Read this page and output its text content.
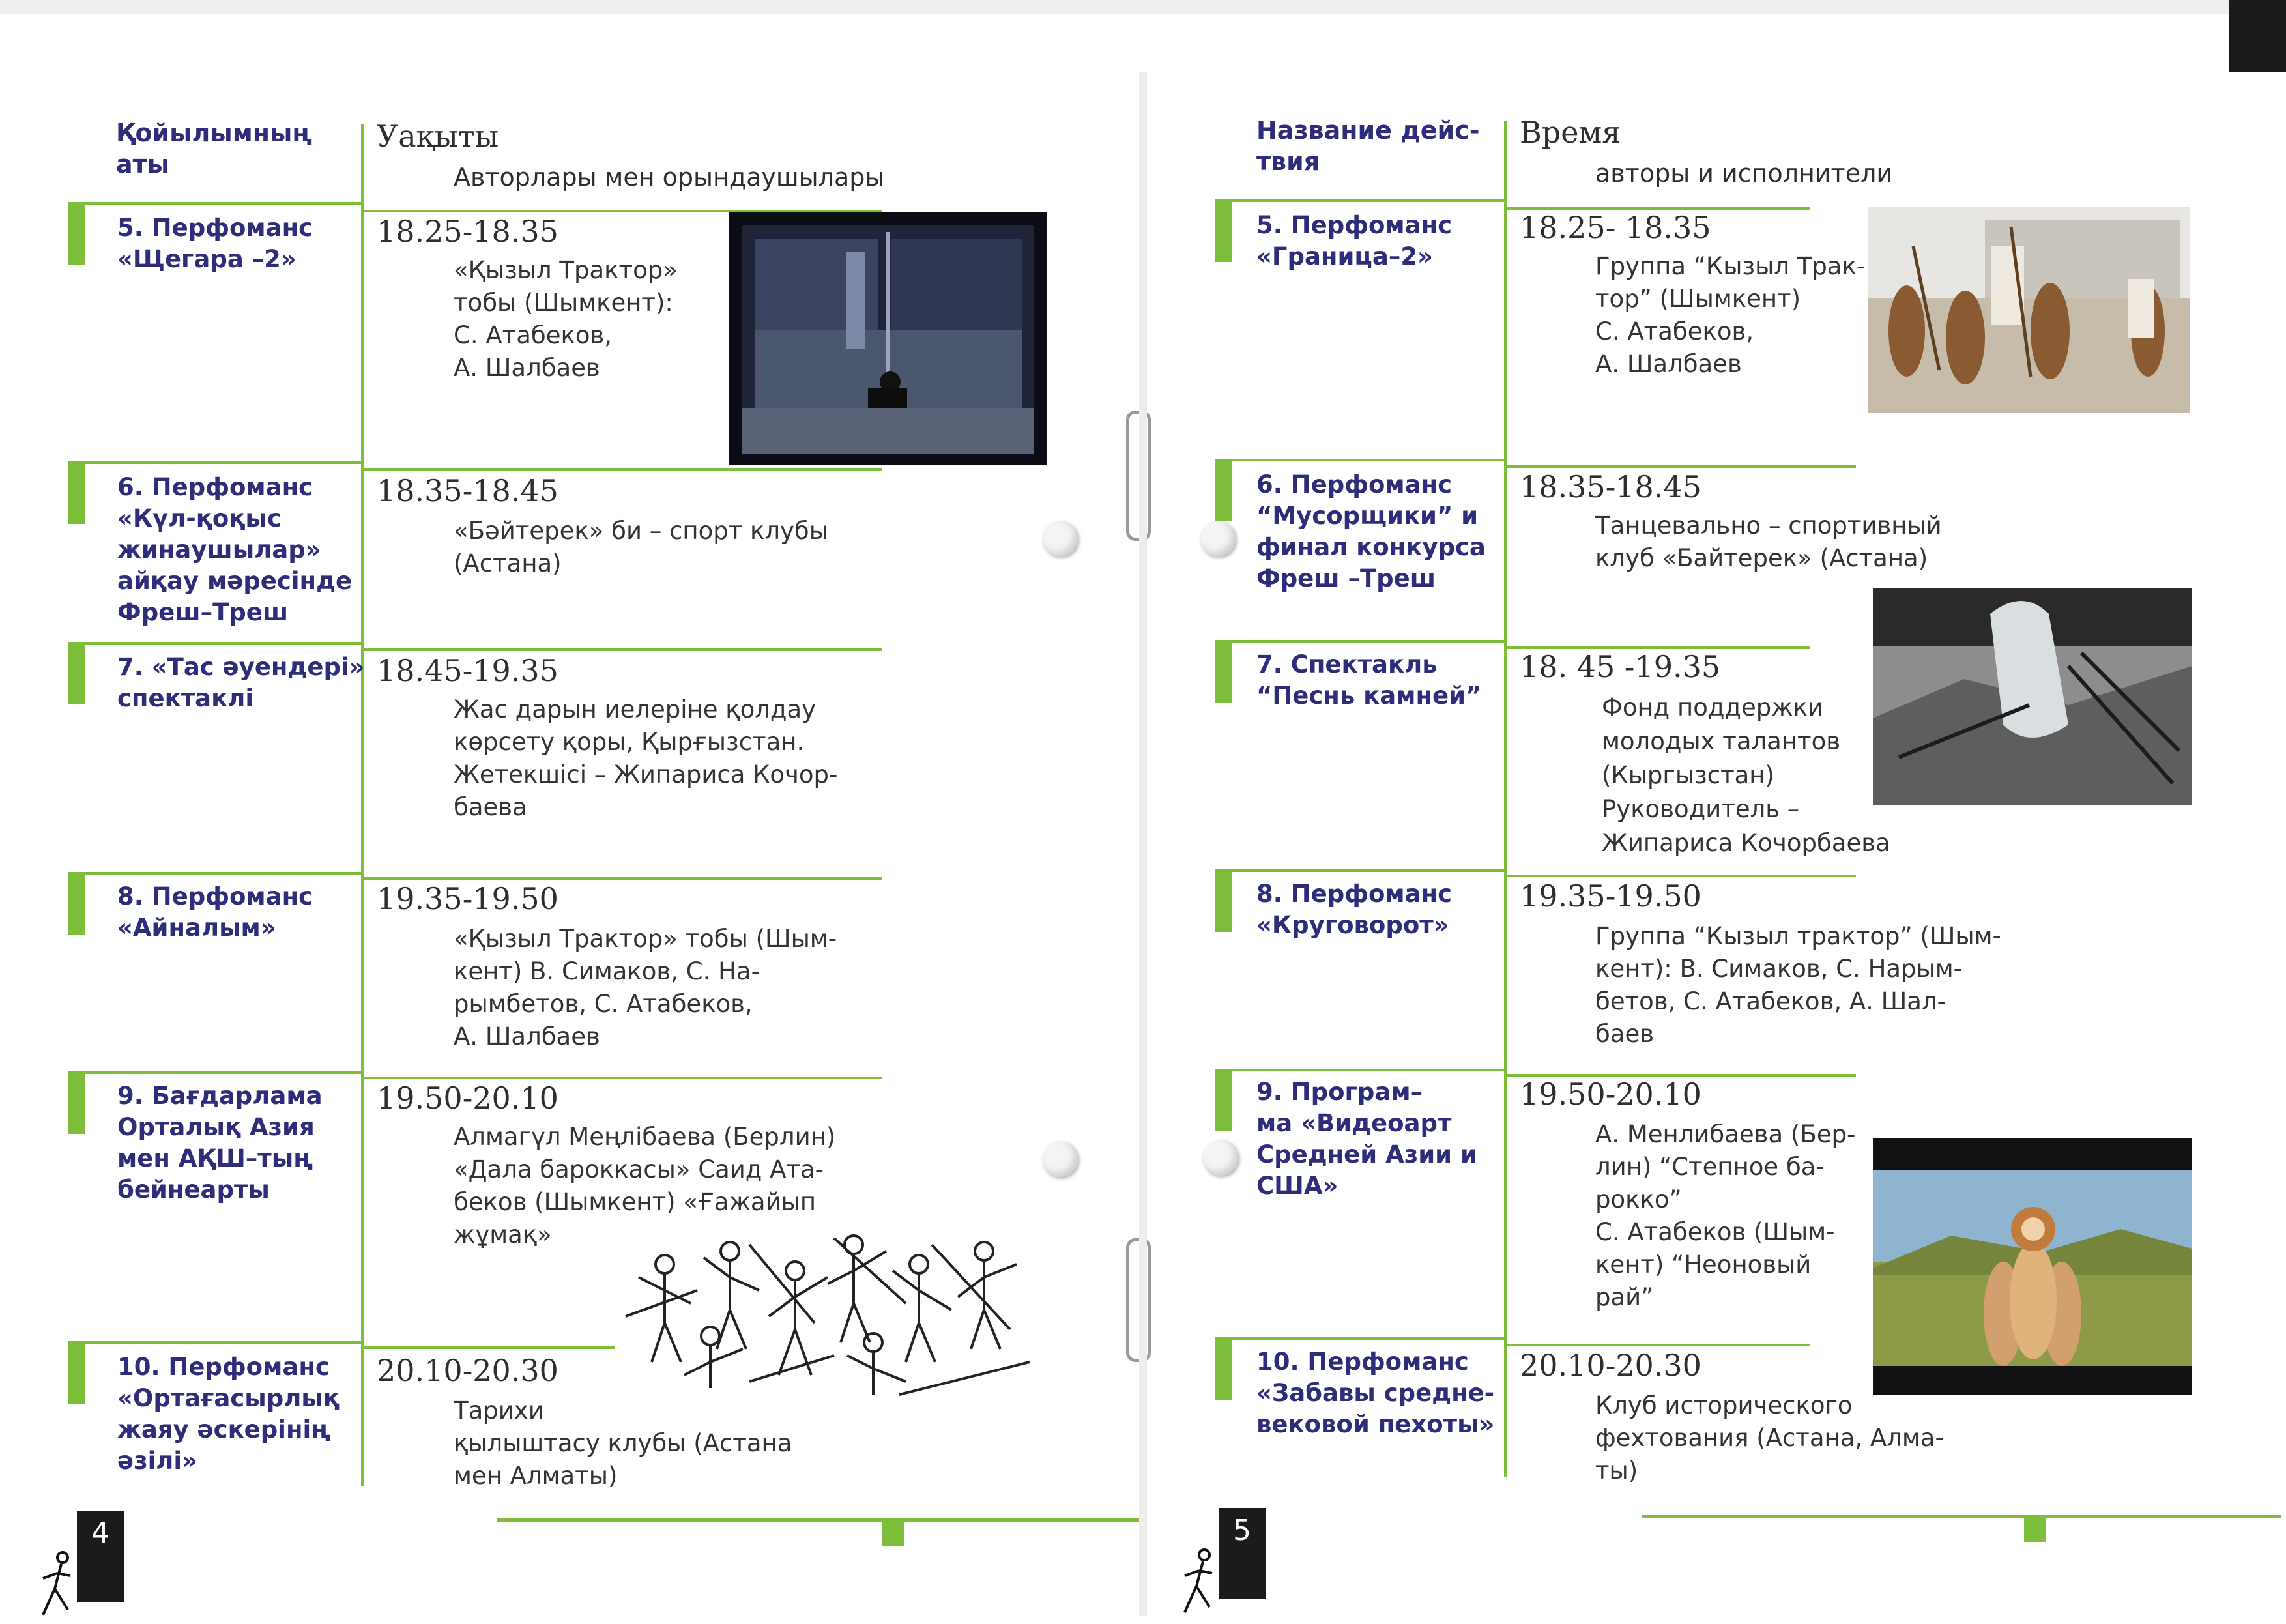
Қойылымның
аты
Уақыты
Авторлары мен орындаушылары
5. Перфоманс
«Щегара –2»
18.25-18.35
«Қызыл Трактор»
тобы (Шымкент):
С. Атабеков,
А. Шалбаев
6. Перфоманс
«Күл-қоқыс
жинаушылар»
айқау мәресінде
Фреш–Треш
18.35-18.45
«Бәйтерек» би – спорт клубы
(Астана)
7. «Тас әуендері»
спектаклі
18.45-19.35
Жас дарын иелеріне қолдау
көрсету қоры, Қырғызстан.
Жетекшісі – Жипариса Кочор-
баева
8. Перфоманс
«Айналым»
19.35-19.50
«Қызыл Трактор» тобы (Шым-
кент) В. Симаков, С. На-
рымбетов, С. Атабеков,
А. Шалбаев
9. Бағдарлама
Орталық Азия
мен АҚШ–тың
бейнеарты
19.50-20.10
Алмагүл Меңлібаева (Берлин)
«Дала бароккасы» Саид Ата-
беков (Шымкент) «Ғажайып
жұмақ»
10. Перфоманс
«Ортағасырлық
жаяу әскерінің
әзілі»
20.10-20.30
Тарихи
қылыштасу клубы (Астана
мен Алматы)
4
Название дейс-
твия
Время
авторы и исполнители
5. Перфоманс
«Граница–2»
18.25- 18.35
Группа “Кызыл Трак-
тор” (Шымкент)
С. Атабеков,
А. Шалбаев
6. Перфоманс
“Мусорщики” и
финал конкурса
Фреш –Треш
18.35-18.45
Танцевально – спортивный
клуб «Байтерек» (Астана)
7. Спектакль
“Песнь камней”
18. 45 -19.35
Фонд поддержки
молодых талантов
(Кыргызстан)
Руководитель –
Жипариса Кочорбаева
8. Перфоманс
«Круговорот»
19.35-19.50
Группа “Кызыл трактор” (Шым-
кент): В. Симаков, С. Нарым-
бетов, С. Атабеков, А. Шал-
баев
9. Програм–
ма «Видеоарт
Средней Азии и
США»
19.50-20.10
А. Менлибаева (Бер-
лин) “Степное ба-
рокко”
С. Атабеков (Шым-
кент) “Неоновый
рай”
10. Перфоманс
«Забавы средне-
вековой пехоты»
20.10-20.30
Клуб исторического
фехтования (Астана, Алма-
ты)
5
